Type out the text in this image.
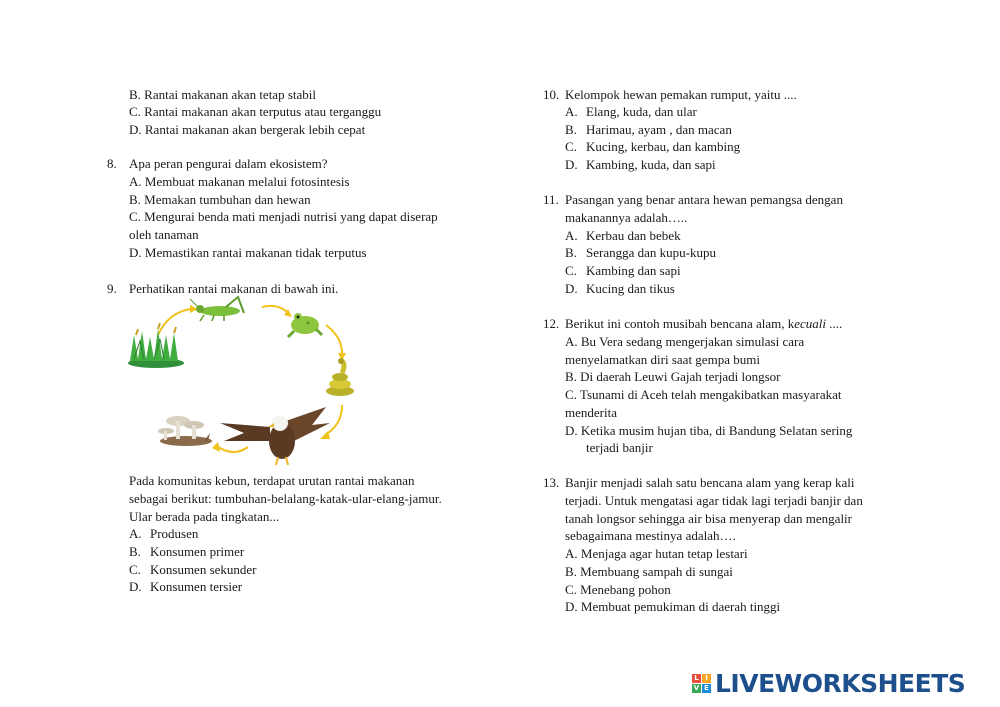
B. Rantai makanan akan tetap stabil
C. Rantai makanan akan terputus atau terganggu
D. Rantai makanan akan bergerak lebih cepat
8. Apa peran pengurai dalam ekosistem?
A. Membuat makanan melalui fotosintesis
B. Memakan tumbuhan dan hewan
C. Mengurai benda mati menjadi nutrisi yang dapat diserap
oleh tanaman
D. Memastikan rantai makanan tidak terputus
9. Perhatikan rantai makanan di bawah ini.
Pada komunitas kebun, terdapat urutan rantai makanan
sebagai berikut: tumbuhan-belalang-katak-ular-elang-jamur.
Ular berada pada tingkatan...
A. Produsen
B. Konsumen primer
C. Konsumen sekunder
D. Konsumen tersier
10. Kelompok hewan pemakan rumput, yaitu ....
A. Elang, kuda, dan ular
B. Harimau, ayam , dan macan
C. Kucing, kerbau, dan kambing
D. Kambing, kuda, dan sapi
11. Pasangan yang benar antara hewan pemangsa dengan
makanannya adalah…..
A. Kerbau dan bebek
B. Serangga dan kupu-kupu
C. Kambing dan sapi
D. Kucing dan tikus
12. Berikut ini contoh musibah bencana alam, kecuali ....
A. Bu Vera sedang mengerjakan simulasi cara
menyelamatkan diri saat gempa bumi
B. Di daerah Leuwi Gajah terjadi longsor
C. Tsunami di Aceh telah mengakibatkan masyarakat
menderita
D. Ketika musim hujan tiba, di Bandung Selatan sering
terjadi banjir
13. Banjir menjadi salah satu bencana alam yang kerap kali
terjadi. Untuk mengatasi agar tidak lagi terjadi banjir dan
tanah longsor sehingga air bisa menyerap dan mengalir
sebagaimana mestinya adalah….
A. Menjaga agar hutan tetap lestari
B. Membuang sampah di sungai
C. Menebang pohon
D. Membuat pemukiman di daerah tinggi
L I
V E LIVEWORKSHEETS
